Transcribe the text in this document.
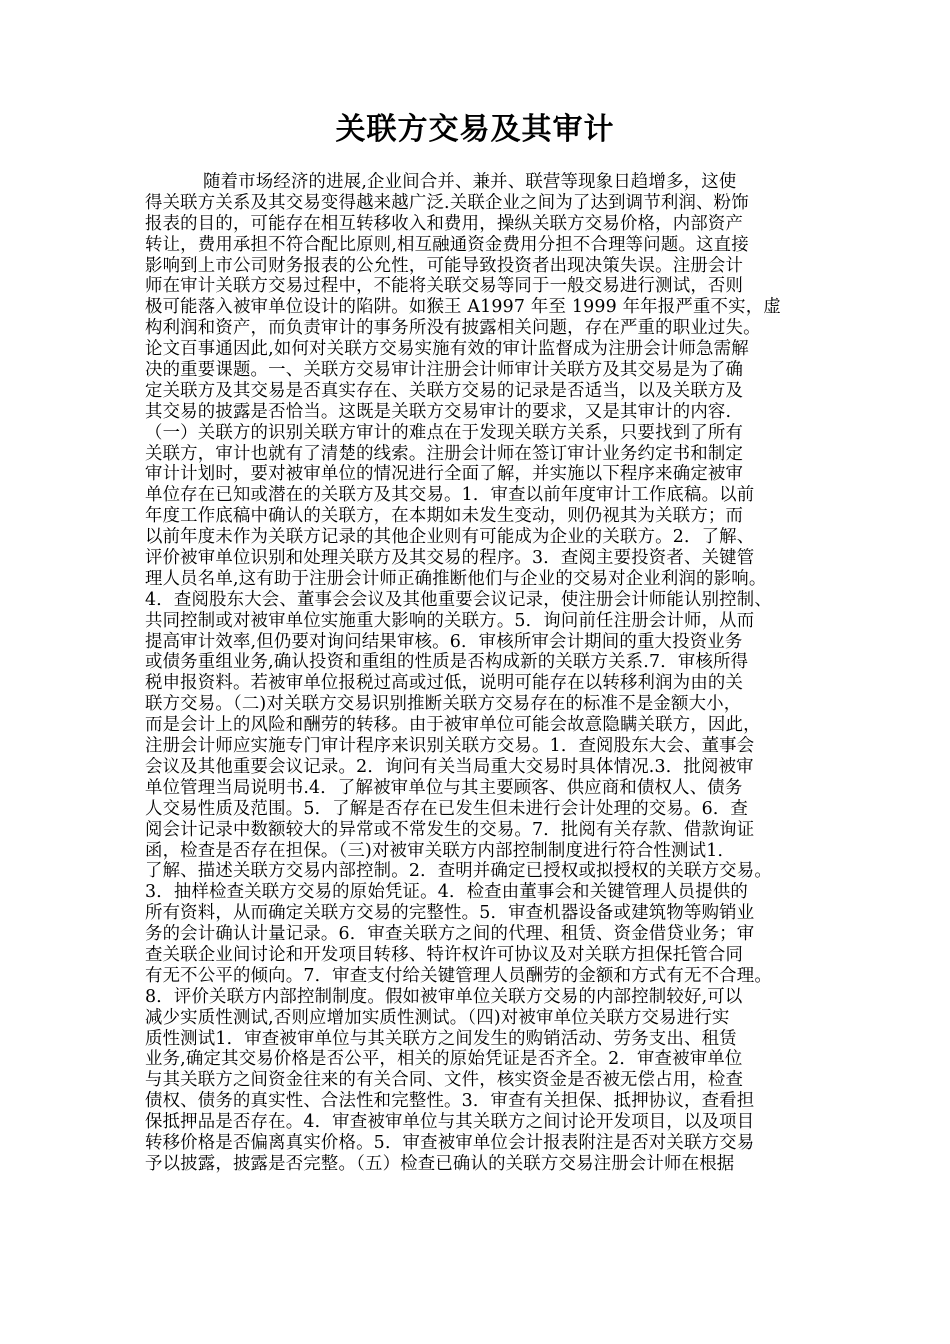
关联方交易及其审计
随着市场经济的进展,企业间合并、兼并、联营等现象日趋增多，这使
得关联方关系及其交易变得越来越广泛.关联企业之间为了达到调节利润、粉饰
报表的目的，可能存在相互转移收入和费用，操纵关联方交易价格，内部资产
转让，费用承担不符合配比原则,相互融通资金费用分担不合理等问题。这直接
影响到上市公司财务报表的公允性，可能导致投资者出现决策失误。注册会计
师在审计关联方交易过程中，不能将关联交易等同于一般交易进行测试，否则
极可能落入被审单位设计的陷阱。如猴王 A1997 年至 1999 年年报严重不实，虚
构利润和资产，而负责审计的事务所没有披露相关问题，存在严重的职业过失。
论文百事通因此,如何对关联方交易实施有效的审计监督成为注册会计师急需解
决的重要课题。一、关联方交易审计注册会计师审计关联方及其交易是为了确
定关联方及其交易是否真实存在、关联方交易的记录是否适当，以及关联方及
其交易的披露是否恰当。这既是关联方交易审计的要求，又是其审计的内容.
（一）关联方的识别关联方审计的难点在于发现关联方关系，只要找到了所有
关联方，审计也就有了清楚的线索。注册会计师在签订审计业务约定书和制定
审计计划时，要对被审单位的情况进行全面了解，并实施以下程序来确定被审
单位存在已知或潜在的关联方及其交易。1．审查以前年度审计工作底稿。以前
年度工作底稿中确认的关联方，在本期如未发生变动，则仍视其为关联方；而
以前年度未作为关联方记录的其他企业则有可能成为企业的关联方。2．了解、
评价被审单位识别和处理关联方及其交易的程序。3．查阅主要投资者、关键管
理人员名单,这有助于注册会计师正确推断他们与企业的交易对企业利润的影响。
4．查阅股东大会、董事会会议及其他重要会议记录，使注册会计师能认别控制、
共同控制或对被审单位实施重大影响的关联方。5．询问前任注册会计师，从而
提高审计效率,但仍要对询问结果审核。6．审核所审会计期间的重大投资业务
或债务重组业务,确认投资和重组的性质是否构成新的关联方关系.7．审核所得
税申报资料。若被审单位报税过高或过低，说明可能存在以转移利润为由的关
联方交易。（二)对关联方交易识别推断关联方交易存在的标准不是金额大小，
而是会计上的风险和酬劳的转移。由于被审单位可能会故意隐瞒关联方，因此，
注册会计师应实施专门审计程序来识别关联方交易。1．查阅股东大会、董事会
会议及其他重要会议记录。2．询问有关当局重大交易时具体情况.3．批阅被审
单位管理当局说明书.4．了解被审单位与其主要顾客、供应商和债权人、债务
人交易性质及范围。5．了解是否存在已发生但未进行会计处理的交易。6．查
阅会计记录中数额较大的异常或不常发生的交易。7．批阅有关存款、借款询证
函，检查是否存在担保。（三)对被审关联方内部控制制度进行符合性测试1．
了解、描述关联方交易内部控制。2．查明并确定已授权或拟授权的关联方交易。
3．抽样检查关联方交易的原始凭证。4．检查由董事会和关键管理人员提供的
所有资料，从而确定关联方交易的完整性。5．审查机器设备或建筑物等购销业
务的会计确认计量记录。6．审查关联方之间的代理、租赁、资金借贷业务；审
查关联企业间讨论和开发项目转移、特许权许可协议及对关联方担保托管合同
有无不公平的倾向。7．审查支付给关键管理人员酬劳的金额和方式有无不合理。
8．评价关联方内部控制制度。假如被审单位关联方交易的内部控制较好,可以
减少实质性测试,否则应增加实质性测试。（四)对被审单位关联方交易进行实
质性测试1．审查被审单位与其关联方之间发生的购销活动、劳务支出、租赁
业务,确定其交易价格是否公平，相关的原始凭证是否齐全。2．审查被审单位
与其关联方之间资金往来的有关合同、文件，核实资金是否被无偿占用，检查
债权、债务的真实性、合法性和完整性。3．审查有关担保、抵押协议，查看担
保抵押品是否存在。4．审查被审单位与其关联方之间讨论开发项目，以及项目
转移价格是否偏离真实价格。5．审查被审单位会计报表附注是否对关联方交易
予以披露，披露是否完整。（五）检查已确认的关联方交易注册会计师在根据
